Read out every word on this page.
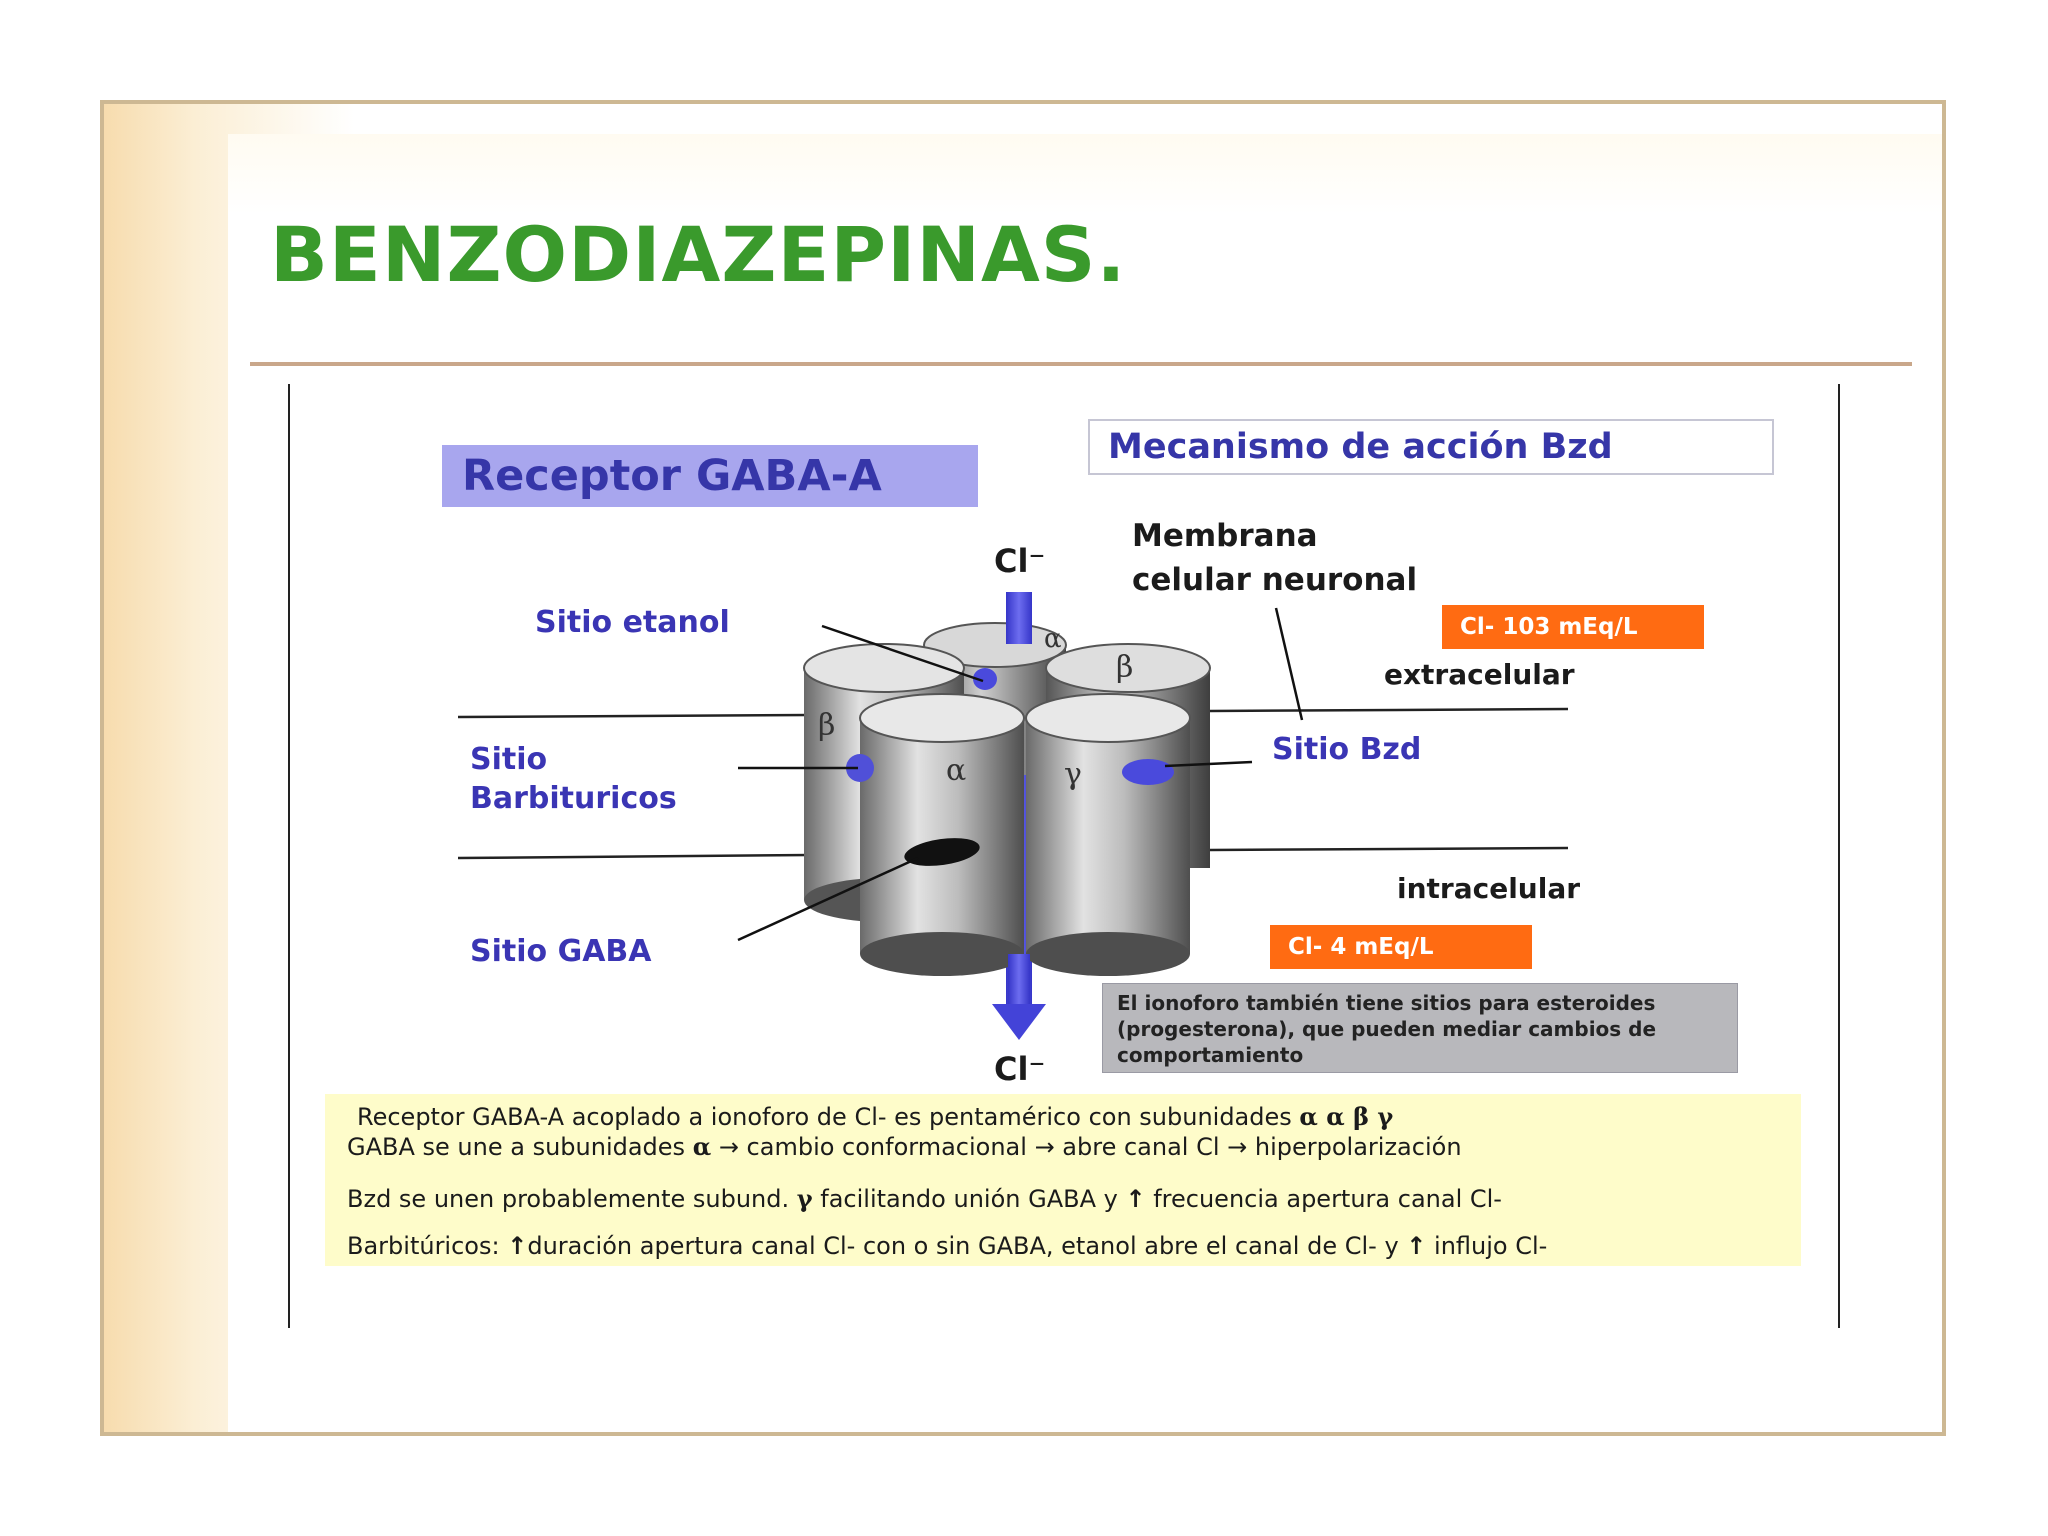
BENZODIAZEPINAS.
α
β
β
α	γ
Receptor GABA-A
Mecanismo de acción Bzd
Cl⁻
Cl⁻
Membrana
celular neuronal
Cl- 103 mEq/L
extracelular
intracelular
Cl- 4 mEq/L
Sitio etanol
Sitio
Barbituricos
Sitio GABA
Sitio Bzd
El ionoforo también tiene sitios para esteroides
(progesterona), que pueden mediar cambios de
comportamiento
Receptor GABA-A acoplado a ionoforo de Cl- es pentamérico con subunidades α α β γ
GABA se une a subunidades α → cambio conformacional → abre canal Cl → hiperpolarización
Bzd se unen probablemente subund. γ facilitando unión GABA y ↑ frecuencia apertura canal Cl-
Barbitúricos: ↑duración apertura canal Cl- con o sin GABA, etanol abre el canal de Cl- y ↑ influjo Cl-
